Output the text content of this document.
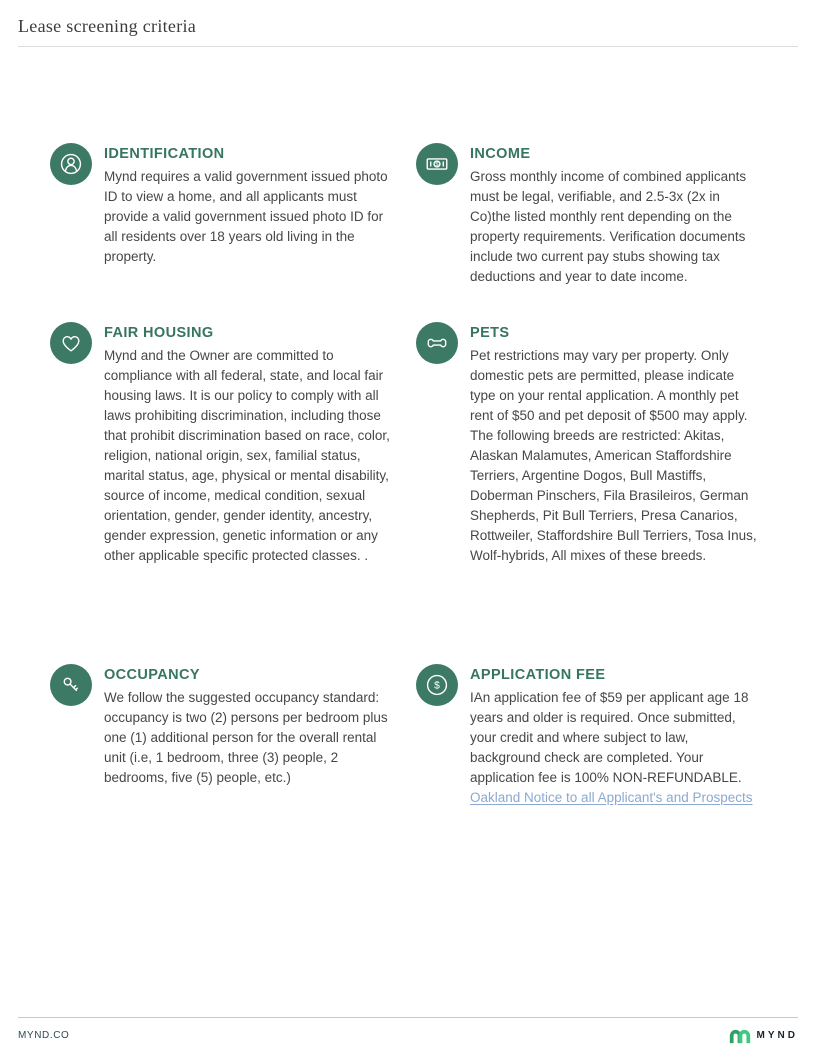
Lease screening criteria
IDENTIFICATION

Mynd requires a valid government issued photo ID to view a home, and all applicants must provide a valid government issued photo ID for all residents over 18 years old living in the property.

$
INCOME

Gross monthly income of combined applicants must be legal, verifiable, and 2.5-3x (2x in Co)the listed monthly rent depending on the property requirements. Verification documents include two current pay stubs showing tax deductions and year to date income.

FAIR HOUSING

Mynd and the Owner are committed to compliance with all federal, state, and local fair housing laws. It is our policy to comply with all laws prohibiting discrimination, including those that prohibit discrimination based on race, color, religion, national origin, sex, familial status, marital status, age, physical or mental disability, source of income, medical condition, sexual orientation, gender, gender identity, ancestry, gender expression, genetic information or any other applicable specific protected classes. .

PETS

Pet restrictions may vary per property. Only domestic pets are permitted, please indicate type on your rental application. A monthly pet rent of $50 and pet deposit of $500 may apply. The following breeds are restricted: Akitas, Alaskan Malamutes, American Staffordshire Terriers, Argentine Dogos, Bull Mastiffs, Doberman Pinschers, Fila Brasileiros, German Shepherds, Pit Bull Terriers, Presa Canarios, Rottweiler, Staffordshire Bull Terriers, Tosa Inus, Wolf-hybrids, All mixes of these breeds.

OCCUPANCY

We follow the suggested occupancy standard: occupancy is two (2) persons per bedroom plus one (1) additional person for the overall rental unit (i.e, 1 bedroom, three (3) people, 2 bedrooms, five (5) people, etc.)

$
APPLICATION FEE

IAn application fee of $59 per applicant age 18 years and older is required. Once submitted, your credit and where subject to law, background check are completed. Your application fee is 100% NON-REFUNDABLE. Oakland Notice to all Applicant's and Prospects

MYND.CO	MYND
